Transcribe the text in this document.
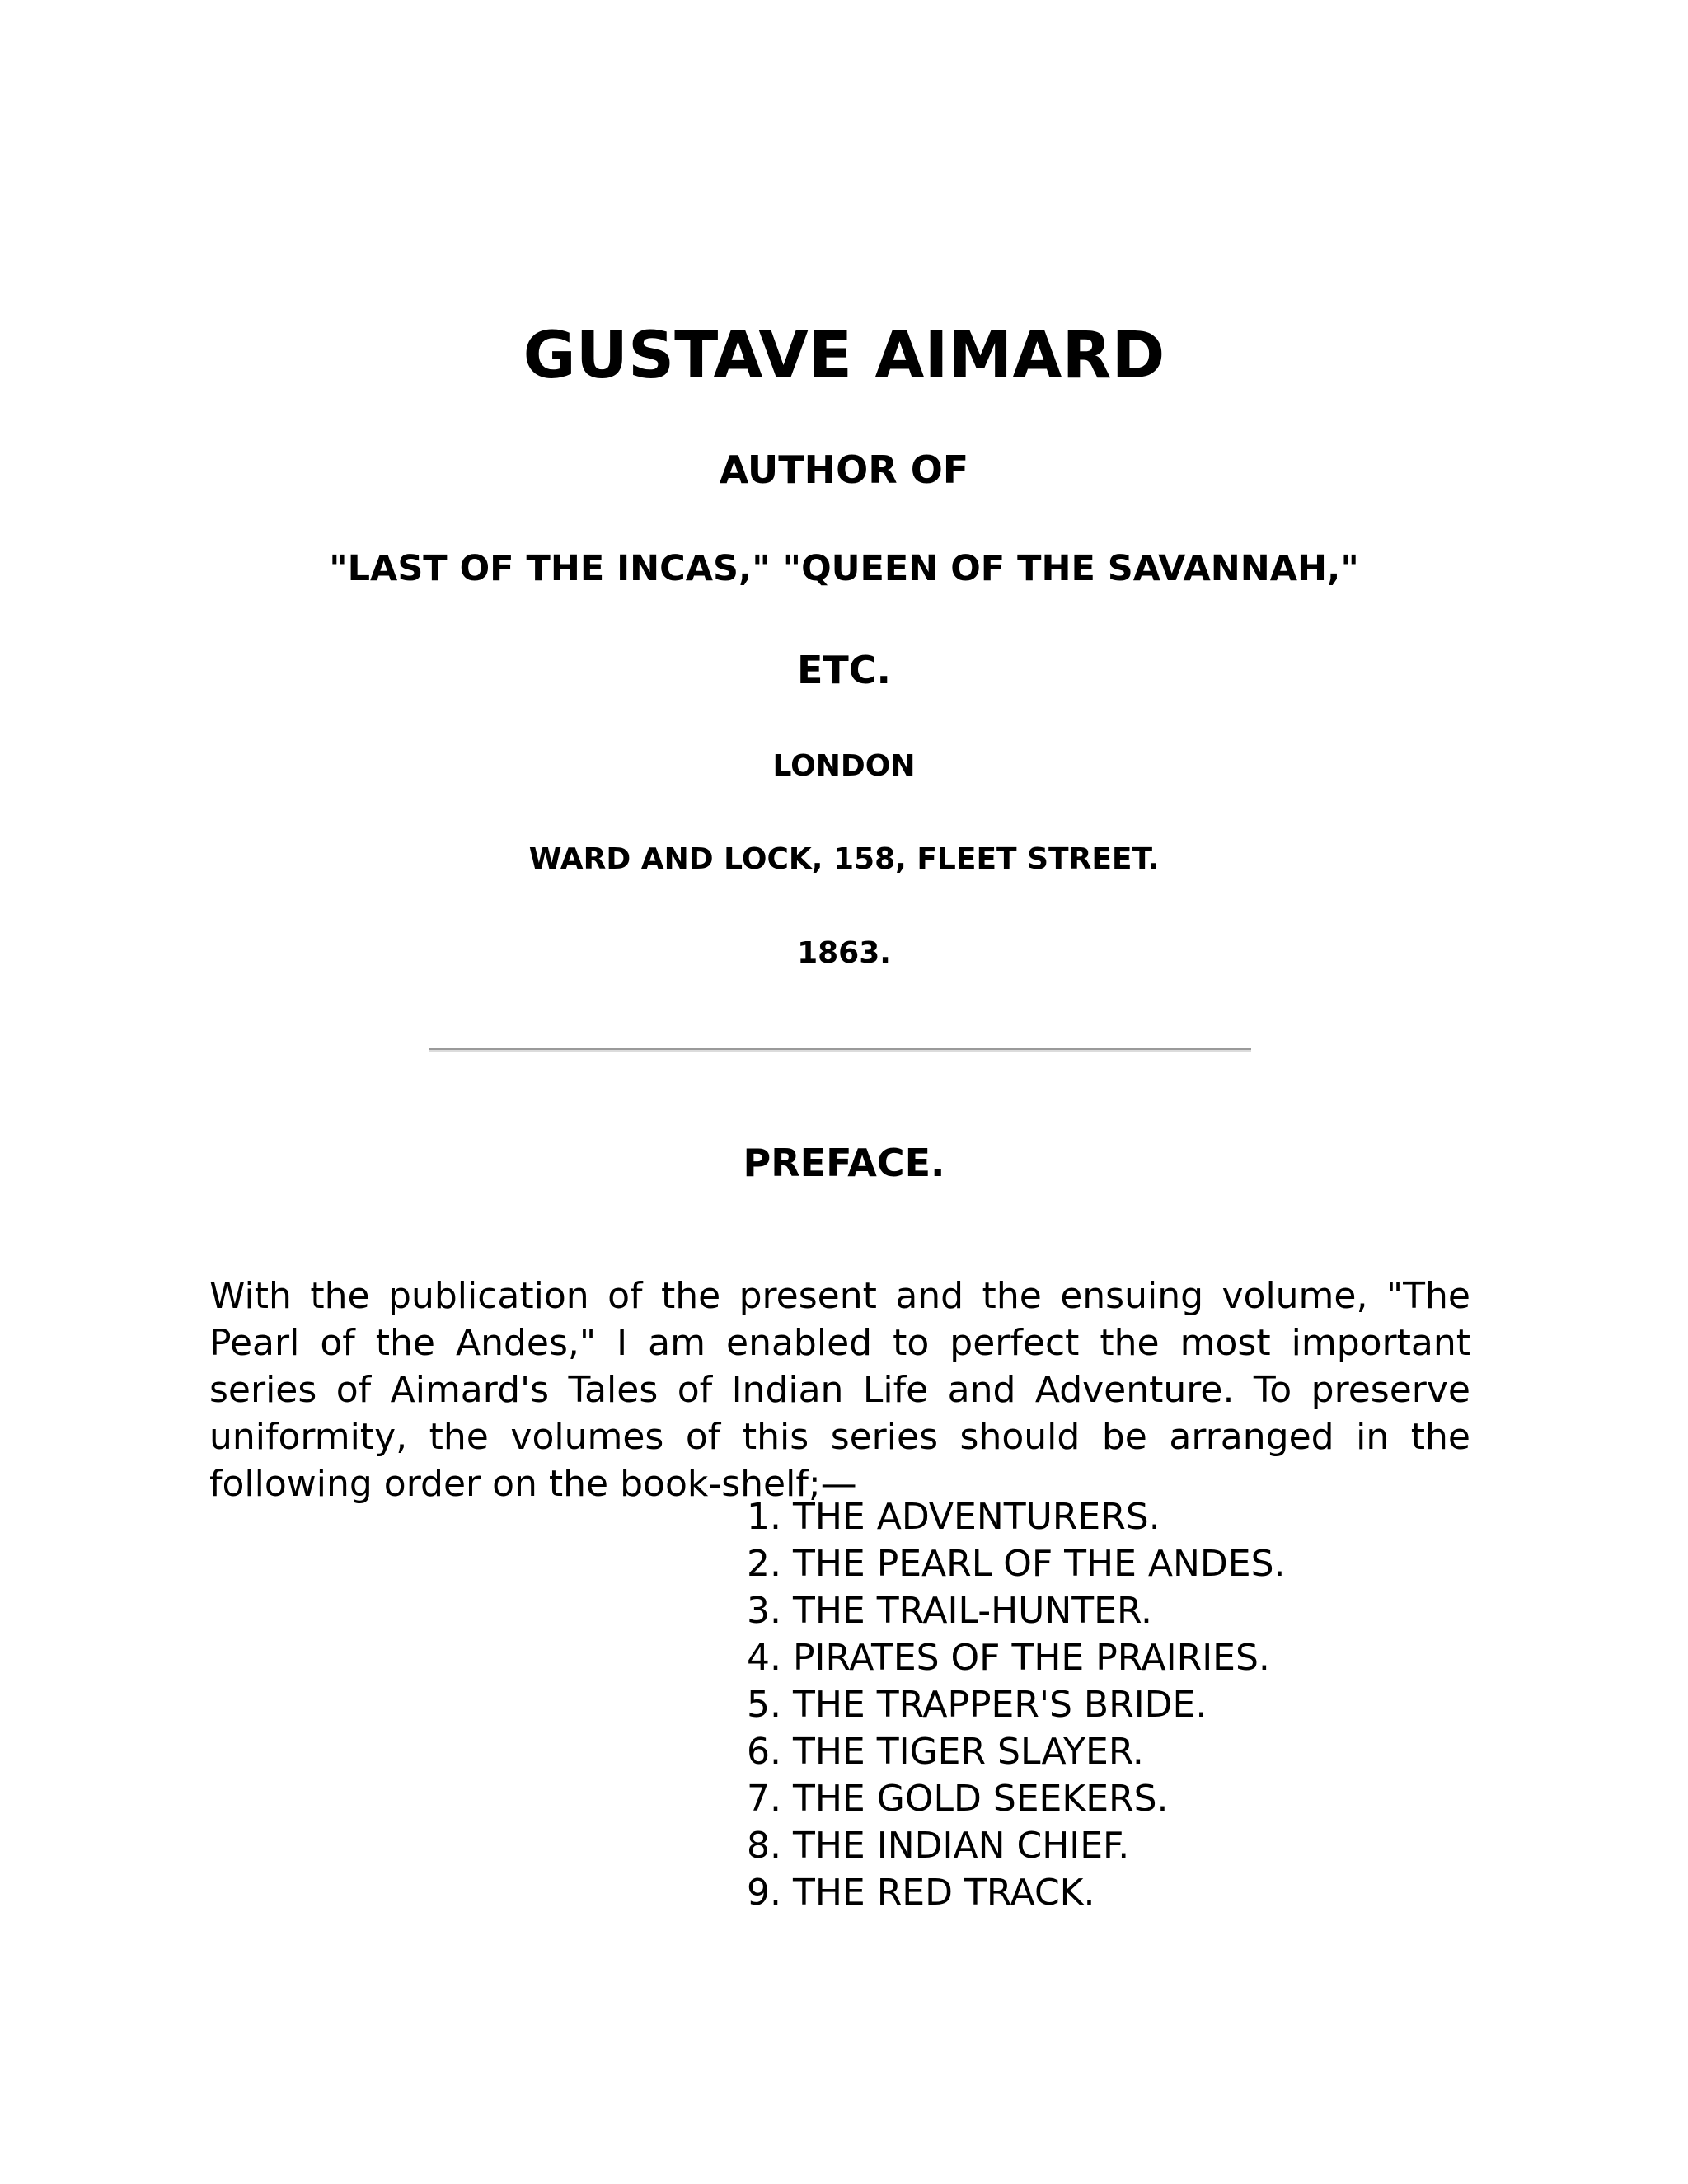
GUSTAVE AIMARD
AUTHOR OF
"LAST OF THE INCAS," "QUEEN OF THE SAVANNAH,"
ETC.
LONDON
WARD AND LOCK, 158, FLEET STREET.
1863.
PREFACE.

With the publication of the present and the ensuing volume, "The Pearl of the Andes," I am enabled to perfect the most important series of Aimard's Tales of Indian Life and Adventure. To preserve uniformity, the volumes of this series should be arranged in the following order on the book-shelf;—

1. THE ADVENTURERS.
2. THE PEARL OF THE ANDES.
3. THE TRAIL-HUNTER.
4. PIRATES OF THE PRAIRIES.
5. THE TRAPPER'S BRIDE.
6. THE TIGER SLAYER.
7. THE GOLD SEEKERS.
8. THE INDIAN CHIEF.
9. THE RED TRACK.
